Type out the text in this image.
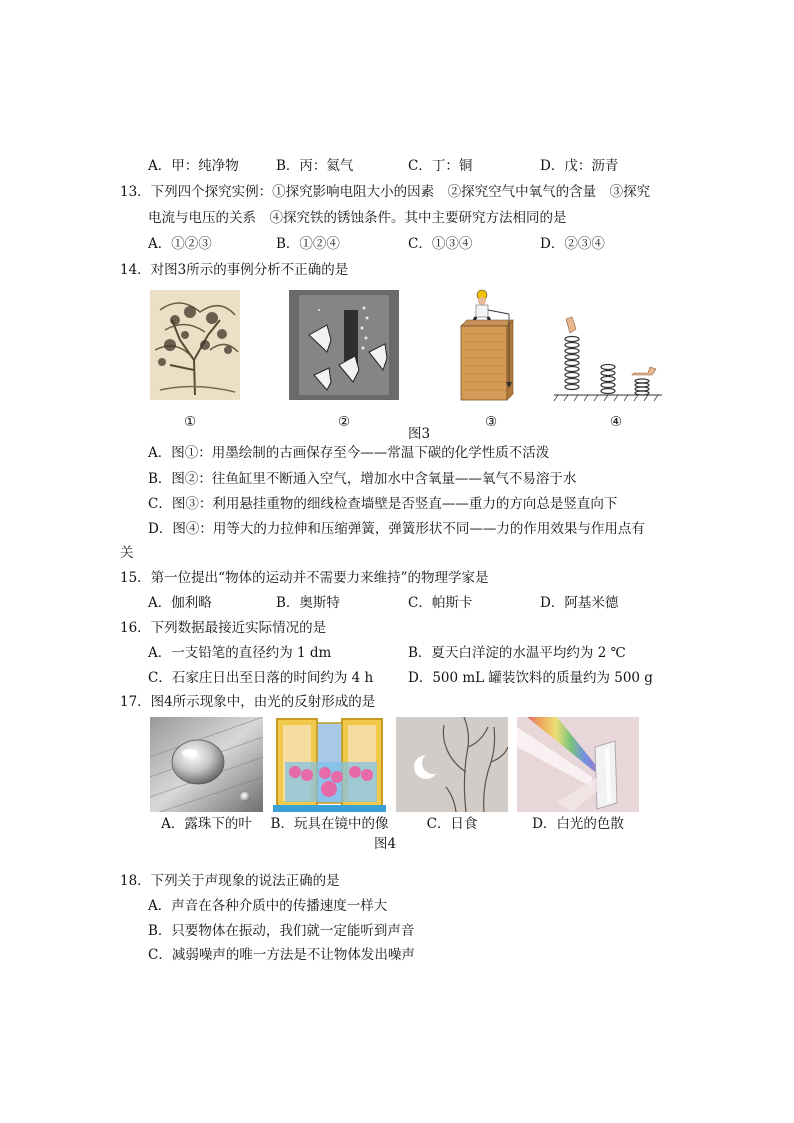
A．甲：纯净物	B．丙：氦气	C．丁：铜	D．戊：沥青
13．下列四个探究实例：①探究影响电阻大小的因素　②探究空气中氧气的含量　③探究
电流与电压的关系　④探究铁的锈蚀条件。其中主要研究方法相同的是
A．①②③	B．①②④	C．①③④	D．②③④
14．对图3所示的事例分析不正确的是
①	②	③	④
图3
A．图①：用墨绘制的古画保存至今——常温下碳的化学性质不活泼
B．图②：往鱼缸里不断通入空气，增加水中含氧量——氧气不易溶于水
C．图③：利用悬挂重物的细线检查墙壁是否竖直——重力的方向总是竖直向下
D．图④：用等大的力拉伸和压缩弹簧，弹簧形状不同——力的作用效果与作用点有
关
15．第一位提出“物体的运动并不需要力来维持”的物理学家是
A．伽利略	B．奥斯特	C．帕斯卡	D．阿基米德
16．下列数据最接近实际情况的是
A．一支铅笔的直径约为 1 dm	B．夏天白洋淀的水温平均约为 2 ℃
C．石家庄日出至日落的时间约为 4 h	D．500 mL 罐装饮料的质量约为 500 g
17．图4所示现象中，由光的反射形成的是
A．露珠下的叶	B．玩具在镜中的像	C．日食	D．白光的色散
图4
18．下列关于声现象的说法正确的是
A．声音在各种介质中的传播速度一样大
B．只要物体在振动，我们就一定能听到声音
C．减弱噪声的唯一方法是不让物体发出噪声
